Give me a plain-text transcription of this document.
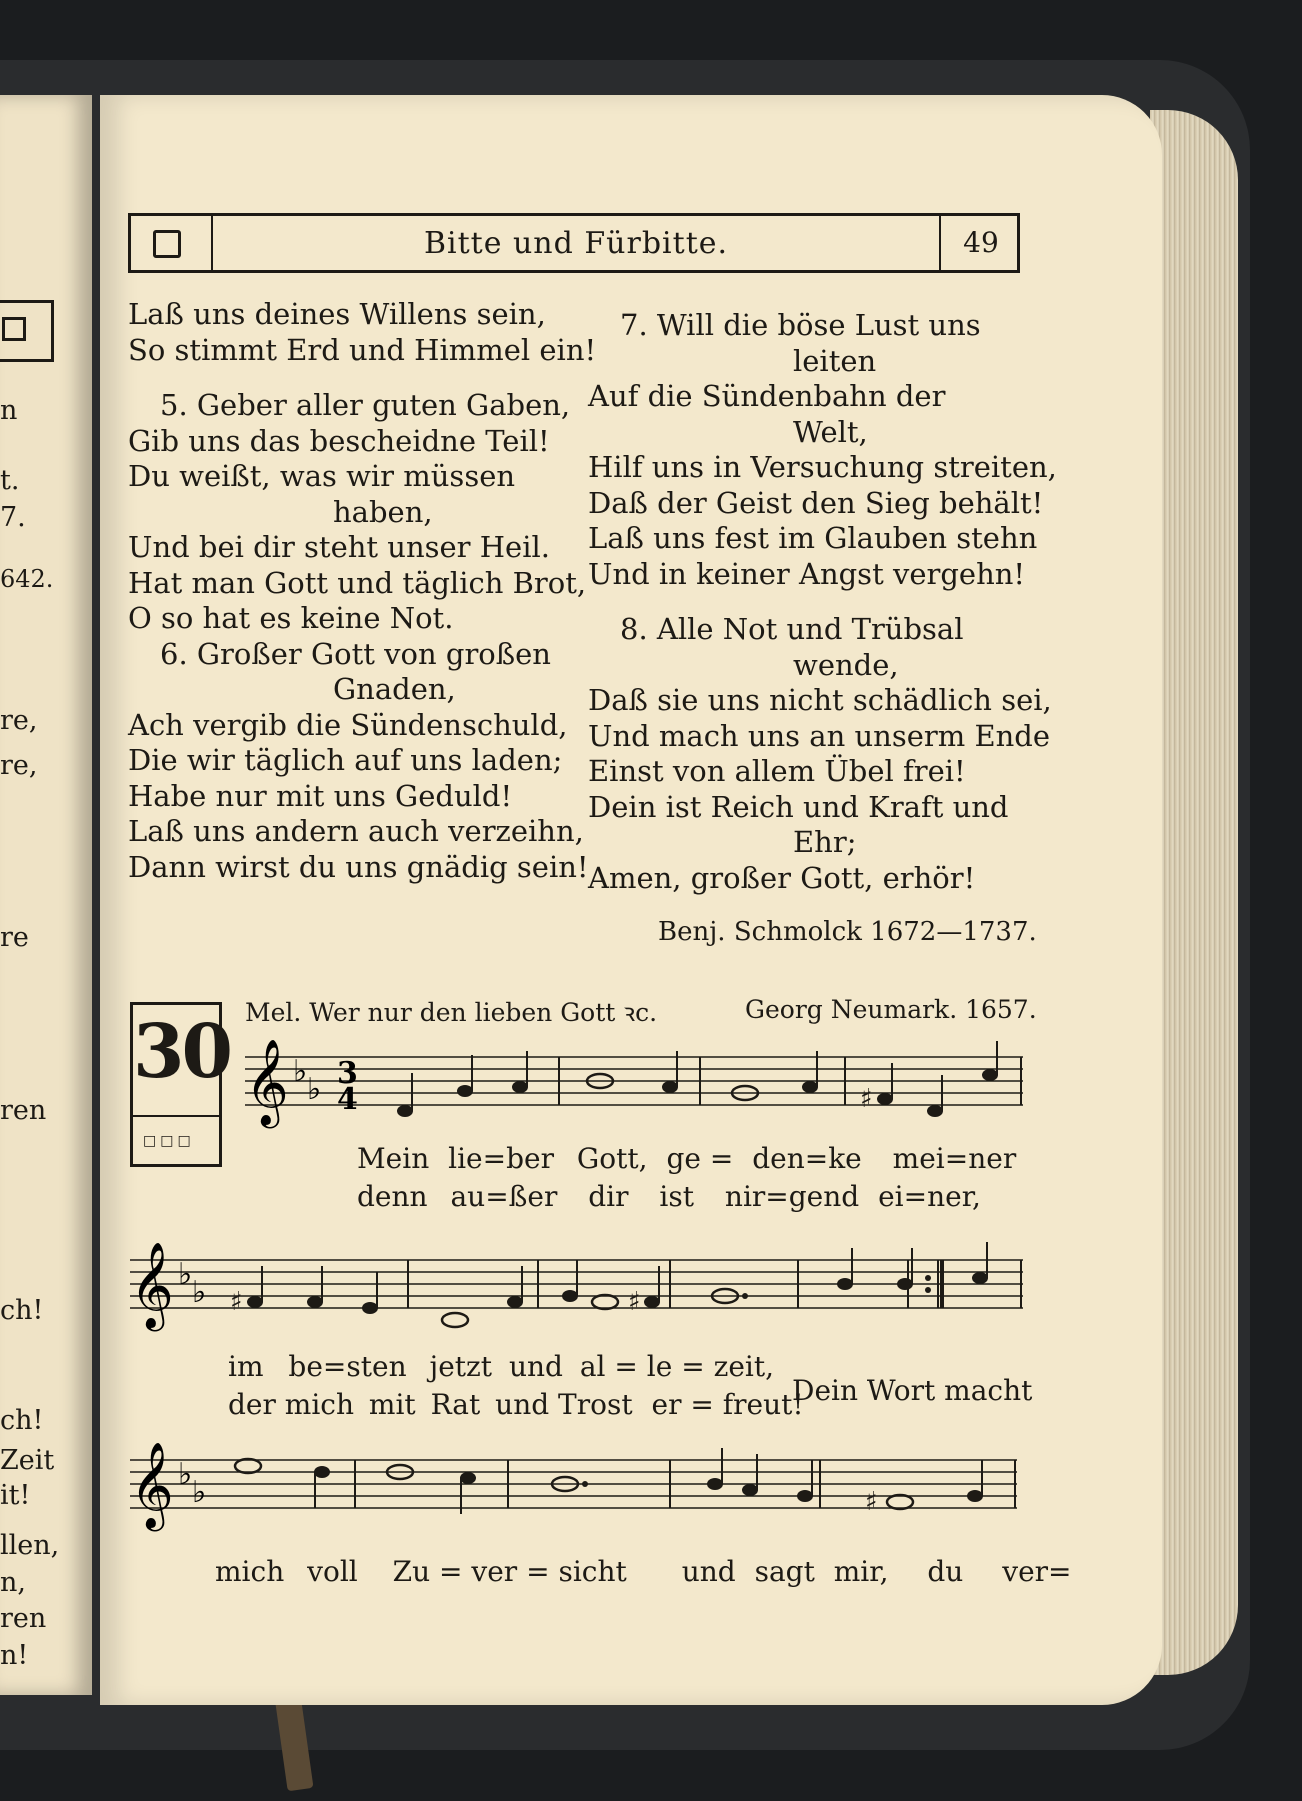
n
t.
7.
642.
re,
re,
re
ren
ch!
ch!
Zeit
it!
llen,
n,
ren
n!
Bitte und Fürbitte.	49
Laß uns deines Willens sein,
So stimmt Erd und Himmel ein!
5. Geber aller guten Gaben,
Gib uns das bescheidne Teil!
Du weißt, was wir müssen
haben,
Und bei dir steht unser Heil.
Hat man Gott und täglich Brot,
O so hat es keine Not.
6. Großer Gott von großen
Gnaden,
Ach vergib die Sündenschuld,
Die wir täglich auf uns laden;
Habe nur mit uns Geduld!
Laß uns andern auch verzeihn,
Dann wirst du uns gnädig sein!
7. Will die böse Lust uns
leiten
Auf die Sündenbahn der
Welt,
Hilf uns in Versuchung streiten,
Daß der Geist den Sieg behält!
Laß uns fest im Glauben stehn
Und in keiner Angst vergehn!
8. Alle Not und Trübsal
wende,
Daß sie uns nicht schädlich sei,
Und mach uns an unserm Ende
Einst von allem Übel frei!
Dein ist Reich und Kraft und
Ehr;
Amen, großer Gott, erhör!
Benj. Schmolck 1672—1737.
30
□□□
Mel. Wer nur den lieben Gott ꝛc.	Georg Neumark. 1657.
𝄞 ♭
♭ 3
4	♯
Mein lie=ber Gott, ge = den=ke mei=ner
denn au=ßer dir ist nir=gend ei=ner,
𝄞 ♭
♭ ♯	♯
im be=sten jetzt und al = le = zeit,
der mich mit Rat und Trost er = freut!
Dein Wort macht
𝄞 ♭
♭	♯
mich voll Zu = ver = sicht und sagt mir, du ver=
